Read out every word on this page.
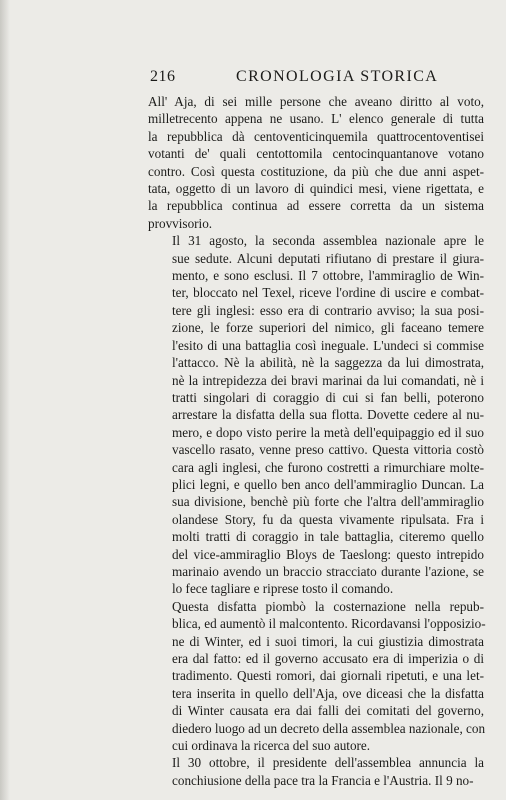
216	CRONOLOGIA STORICA

All' Aja, di sei mille persone che aveano diritto al voto,
milletrecento appena ne usano. L' elenco generale di tutta
la repubblica dà centoventicinquemila quattrocentoventisei
votanti de' quali centottomila centocinquantanove votano
contro. Così questa costituzione, da più che due anni aspet-
tata, oggetto di un lavoro di quindici mesi, viene rigettata, e
la repubblica continua ad essere corretta da un sistema
provvisorio.

Il 31 agosto, la seconda assemblea nazionale apre le
sue sedute. Alcuni deputati rifiutano di prestare il giura-
mento, e sono esclusi. Il 7 ottobre, l'ammiraglio de Win-
ter, bloccato nel Texel, riceve l'ordine di uscire e combat-
tere gli inglesi: esso era di contrario avviso; la sua posi-
zione, le forze superiori del nimico, gli faceano temere
l'esito di una battaglia così ineguale. L'undeci si commise
l'attacco. Nè la abilità, nè la saggezza da lui dimostrata,
nè la intrepidezza dei bravi marinai da lui comandati, nè i
tratti singolari di coraggio di cui si fan belli, poterono
arrestare la disfatta della sua flotta. Dovette cedere al nu-
mero, e dopo visto perire la metà dell'equipaggio ed il suo
vascello rasato, venne preso cattivo. Questa vittoria costò
cara agli inglesi, che furono costretti a rimurchiare molte-
plici legni, e quello ben anco dell'ammiraglio Duncan. La
sua divisione, benchè più forte che l'altra dell'ammiraglio
olandese Story, fu da questa vivamente ripulsata. Fra i
molti tratti di coraggio in tale battaglia, citeremo quello
del vice-ammiraglio Bloys de Taeslong: questo intrepido
marinaio avendo un braccio stracciato durante l'azione, se
lo fece tagliare e riprese tosto il comando.

Questa disfatta piombò la costernazione nella repub-
blica, ed aumentò il malcontento. Ricordavansi l'opposizio-
ne di Winter, ed i suoi timori, la cui giustizia dimostrata
era dal fatto: ed il governo accusato era di imperizia o di
tradimento. Questi romori, dai giornali ripetuti, e una let-
tera inserita in quello dell'Aja, ove diceasi che la disfatta
di Winter causata era dai falli dei comitati del governo,
diedero luogo ad un decreto della assemblea nazionale, con
cui ordinava la ricerca del suo autore.

Il 30 ottobre, il presidente dell'assemblea annuncia la
conchiusione della pace tra la Francia e l'Austria. Il 9 no-
